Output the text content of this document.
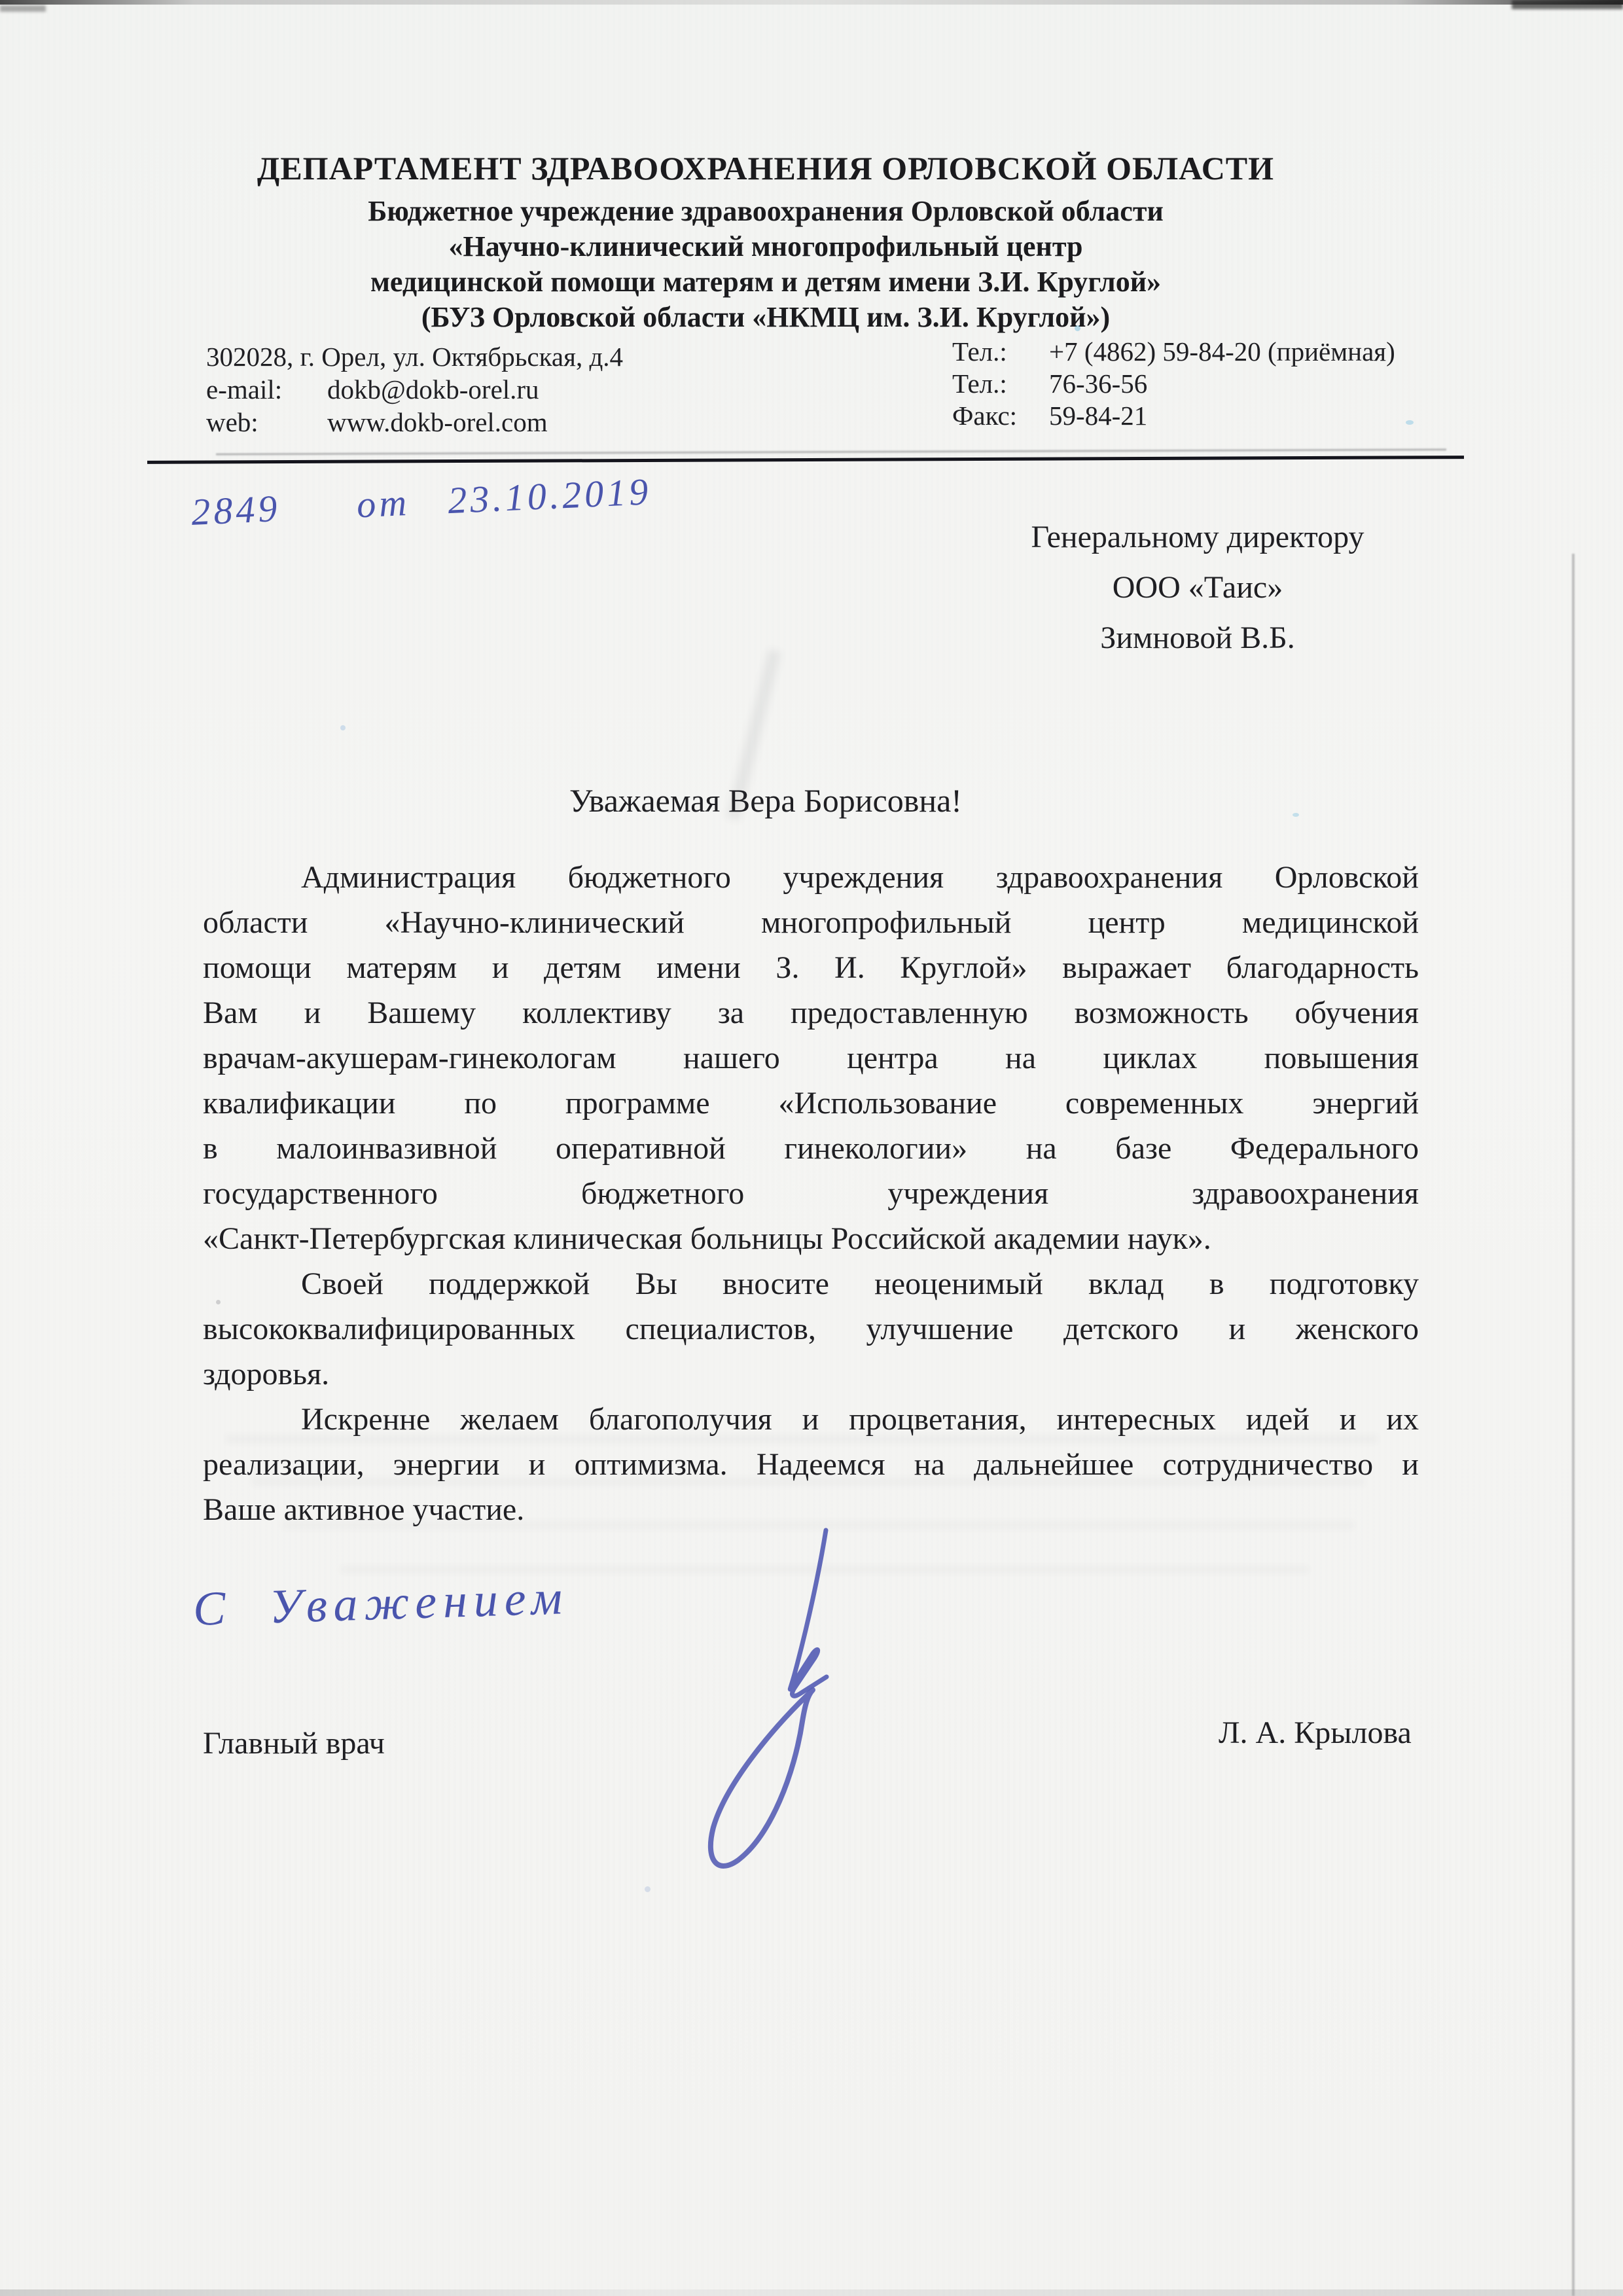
ДЕПАРТАМЕНТ ЗДРАВООХРАНЕНИЯ ОРЛОВСКОЙ ОБЛАСТИ
Бюджетное учреждение здравоохранения Орловской области
«Научно-клинический многопрофильный центр
медицинской помощи матерям и детям имени З.И. Круглой»
(БУЗ Орловской области «НКМЦ им. З.И. Круглой»)
302028, г. Орел, ул. Октябрьская, д.4
e-mail: dokb@dokb-orel.ru
web:	www.dokb-orel.com
Тел.: +7 (4862) 59-84-20 (приёмная)
Тел.: 76-36-56
Факс: 59-84-21
2849      от   23.10.2019
Генеральному директору
ООО «Таис»
Зимновой В.Б.
Уважаемая Вера Борисовна!
Администрация бюджетного учреждения здравоохранения Орловской
области «Научно-клинический многопрофильный центр медицинской
помощи матерям и детям имени З. И. Круглой» выражает благодарность
Вам и Вашему коллективу за предоставленную возможность обучения
врачам-акушерам-гинекологам нашего центра на циклах повышения
квалификации по программе «Использование современных энергий
в малоинвазивной оперативной гинекологии» на базе Федерального
государственного бюджетного учреждения здравоохранения
«Санкт-Петербургская клиническая больницы Российской академии наук».
Своей поддержкой Вы вносите неоценимый вклад в подготовку
высококвалифицированных специалистов, улучшение детского и женского
здоровья.
Искренне желаем благополучия и процветания, интересных идей и их
реализации, энергии и оптимизма. Надеемся на дальнейшее сотрудничество и
Ваше активное участие.
С  Уважением
Главный врач	Л. А. Крылова
